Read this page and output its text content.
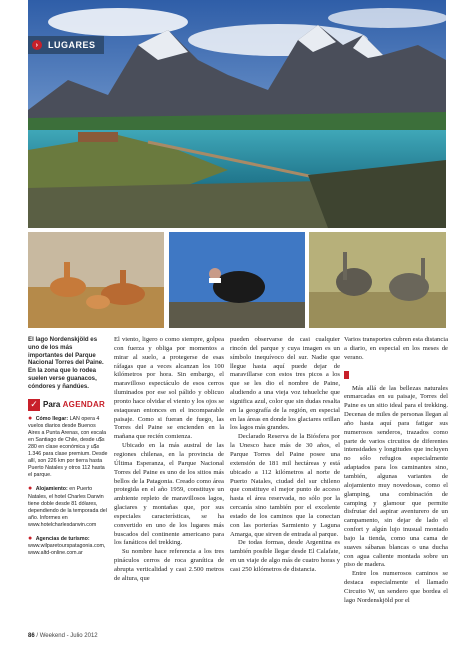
›	LUGARES

El lago Nordenskjöld es uno de los más importantes del Parque Nacional Torres del Paine. En la zona que lo rodea suelen verse guanacos, cóndores y ñandúes.

✓ Para AGENDAR

● Cómo llegar: LAN opera 4 vuelos diarios desde Buenos Aires a Punta Arenas, con escala en Santiago de Chile, desde u$s 280 en clase económica y u$s 1.346 para clase premium. Desde allí, son 226 km por tierra hasta Puerto Natales y otros 112 hasta el parque.

● Alojamiento: en Puerto Natales, el hotel Charles Darwin tiene doble desde 81 dólares, dependiendo de la temporada del año. Informes en www.hotelcharlesdarwin.com

● Agencias de turismo: www.wilparetourspatagonia.com, www.altd-online.com.ar

El viento, ligero o como siempre, golpea con fuerza y obliga por momentos a mirar al suelo, a protegerse de esas ráfagas que a veces alcanzan los 100 kilómetros por hora. Sin embargo, el maravilloso espectáculo de esos cerros iluminados por ese sol pálido y oblicuo pronto hace olvidar el viento y los ojos se estaquean entonces en el incomparable paisaje. Como si fueran de fuego, las Torres del Paine se encienden en la mañana que recién comienza.

Ubicado en la más austral de las regiones chilenas, en la provincia de Última Esperanza, el Parque Nacional Torres del Paine es uno de los sitios más bellos de la Patagonia. Creado como área protegida en el año 1959, constituye un ambiente repleto de maravillosos lagos, glaciares y montañas que, por sus especiales características, se ha convertido en uno de los lugares más buscados del continente americano para los fanáticos del trekking.

Su nombre hace referencia a los tres pináculos cerros de roca granítica de abrupta verticalidad y casi 2.500 metros de altura, que

pueden observarse de casi cualquier rincón del parque y cuya imagen es un símbolo inequívoco del sur. Nadie que llegue hasta aquí puede dejar de maravillarse con estos tres picos a los que se les dio el nombre de Paine, aludiendo a una vieja voz tehuelche que significa azul, color que sin dudas resalta en la geografía de la región, en especial en las áreas en donde los glaciares orillan los lagos más grandes.

Declarado Reserva de la Biósfera por la Unesco hace más de 30 años, el Parque Torres del Paine posee una extensión de 181 mil hectáreas y está ubicado a 112 kilómetros al norte de Puerto Natales, ciudad del sur chileno que constituye el mejor punto de acceso hasta el área reservada, no sólo por la cercanía sino también por el excelente estado de los caminos que la conectan con las porterías Sarmiento y Laguna Amarga, que sirven de entrada al parque.

De todas formas, desde Argentina es también posible llegar desde El Calafate, en un viaje de algo más de cuatro horas y casi 250 kilómetros de distancia.

Varios transportes cubren esta distancia a diario, en especial en los meses de verano.

Más allá de las bellezas naturales enmarcadas en su paisaje, Torres del Paine es un sitio ideal para el trekking. Decenas de miles de personas llegan al año hasta aquí para fatigar sus numerosos senderos, trazados como parte de varios circuitos de diferentes intensidades y longitudes que incluyen no sólo refugios especialmente adaptados para los caminantes sino, también, algunas variantes de alojamiento muy novedosas, como el glamping, una combinación de camping y glamour que permite disfrutar del aspirar aventurero de un campamento, sin dejar de lado el confort y algún lujo inusual montado bajo la tienda, como una cama de suaves sábanas blancas o una ducha con agua caliente montada sobre un piso de madera.

Entre los numerosos caminos se destaca especialmente el llamado Circuito W, un sendero que bordea el lago Nordenskjöld por el

86 / Weekend - Julio 2012
